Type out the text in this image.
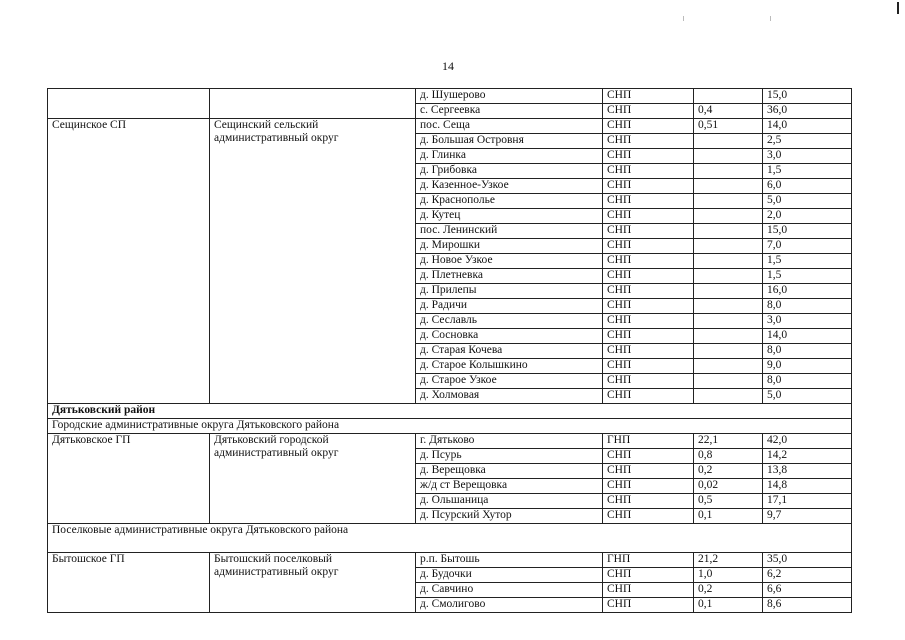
14
		д. Шушерово	СНП		15,0
		с. Сергеевка	СНП	0,4	36,0
Сещинское СП	Сещинский сельский административный округ	пос. Сеща	СНП	0,51	14,0
		д. Большая Островня	СНП		2,5
		д. Глинка	СНП		3,0
		д. Грибовка	СНП		1,5
		д. Казенное-Узкое	СНП		6,0
		д. Краснополье	СНП		5,0
		д. Кутец	СНП		2,0
		пос. Ленинский	СНП		15,0
		д. Мирошки	СНП		7,0
		д. Новое Узкое	СНП		1,5
		д. Плетневка	СНП		1,5
		д. Прилепы	СНП		16,0
		д. Радичи	СНП		8,0
		д. Сеславль	СНП		3,0
		д. Сосновка	СНП		14,0
		д. Старая Кочева	СНП		8,0
		д. Старое Колышкино	СНП		9,0
		д. Старое Узкое	СНП		8,0
		д. Холмовая	СНП		5,0
Дятьковский район					
Городские административные округа Дятьковского района					
Дятьковское ГП	Дятьковский городской административный округ	г. Дятьково	ГНП	22,1	42,0
		д. Псурь	СНП	0,8	14,2
		д. Верещовка	СНП	0,2	13,8
		ж/д ст Верещовка	СНП	0,02	14,8
		д. Ольшаница	СНП	0,5	17,1
		д. Псурский Хутор	СНП	0,1	9,7
Поселковые административные округа Дятьковского района					
Бытошское ГП	Бытошский поселковый административный округ	р.п. Бытошь	ГНП	21,2	35,0
		д. Будочки	СНП	1,0	6,2
		д. Савчино	СНП	0,2	6,6
		д. Смолигово	СНП	0,1	8,6
